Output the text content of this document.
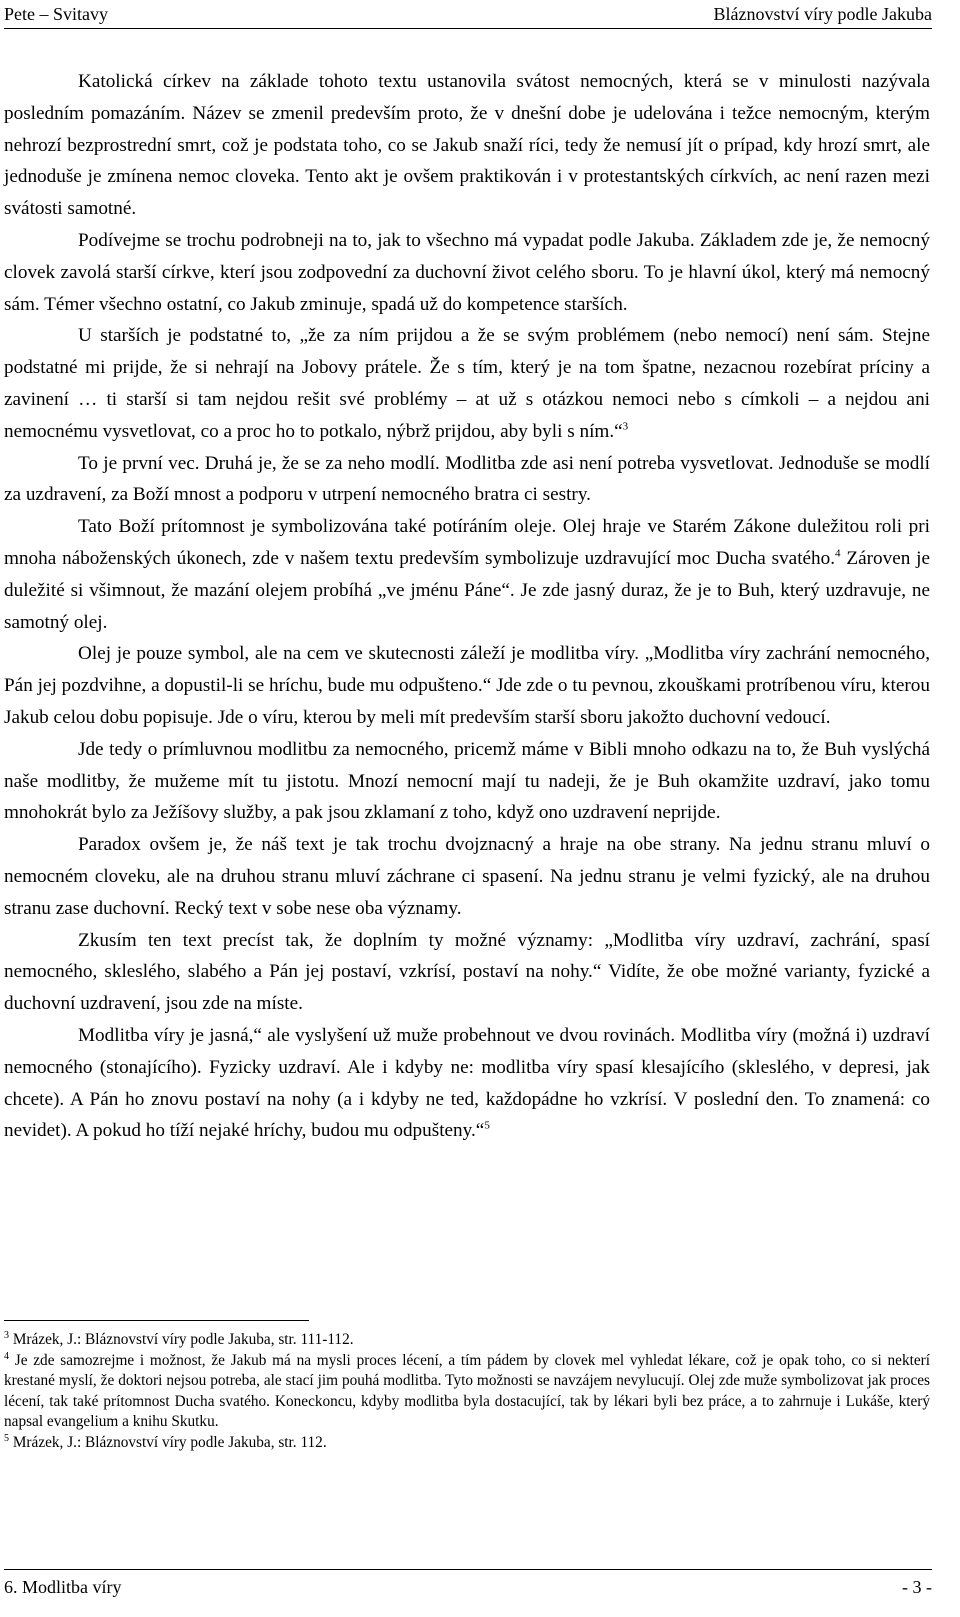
Pete – Svitavy	Bláznovství víry podle Jakuba

Katolická církev na základe tohoto textu ustanovila svátost nemocných, která se v minulosti nazývala posledním pomazáním. Název se zmenil predevším proto, že v dnešní dobe je udelována i težce nemocným, kterým nehrozí bezprostrední smrt, což je podstata toho, co se Jakub snaží ríci, tedy že nemusí jít o prípad, kdy hrozí smrt, ale jednoduše je zmínena nemoc cloveka. Tento akt je ovšem praktikován i v protestantských církvích, ac není razen mezi svátosti samotné.

Podívejme se trochu podrobneji na to, jak to všechno má vypadat podle Jakuba. Základem zde je, že nemocný clovek zavolá starší církve, kterí jsou zodpovední za duchovní život celého sboru. To je hlavní úkol, který má nemocný sám. Témer všechno ostatní, co Jakub zminuje, spadá už do kompetence starších.

U starších je podstatné to, „že za ním prijdou a že se svým problémem (nebo nemocí) není sám. Stejne podstatné mi prijde, že si nehrají na Jobovy prátele. Že s tím, který je na tom špatne, nezacnou rozebírat príciny a zavinení … ti starší si tam nejdou rešit své problémy – at už s otázkou nemoci nebo s címkoli – a nejdou ani nemocnému vysvetlovat, co a proc ho to potkalo, nýbrž prijdou, aby byli s ním.“$^3$

To je první vec. Druhá je, že se za neho modlí. Modlitba zde asi není potreba vysvetlovat. Jednoduše se modlí za uzdravení, za Boží mnost a podporu v utrpení nemocného bratra ci sestry.

Tato Boží prítomnost je symbolizována také potíráním oleje. Olej hraje ve Starém Zákone duležitou roli pri mnoha náboženských úkonech, zde v našem textu predevším symbolizuje uzdravující moc Ducha svatého.$^4$ Zároven je duležité si všimnout, že mazání olejem probíhá „ve jménu Páne“. Je zde jasný duraz, že je to Buh, který uzdravuje, ne samotný olej.

Olej je pouze symbol, ale na cem ve skutecnosti záleží je modlitba víry. „Modlitba víry zachrání nemocného, Pán jej pozdvihne, a dopustil-li se hríchu, bude mu odpušteno.“ Jde zde o tu pevnou, zkouškami protríbenou víru, kterou Jakub celou dobu popisuje. Jde o víru, kterou by meli mít predevším starší sboru jakožto duchovní vedoucí.

Jde tedy o prímluvnou modlitbu za nemocného, pricemž máme v Bibli mnoho odkazu na to, že Buh vyslýchá naše modlitby, že mužeme mít tu jistotu. Mnozí nemocní mají tu nadeji, že je Buh okamžite uzdraví, jako tomu mnohokrát bylo za Ježíšovy služby, a pak jsou zklamaní z toho, když ono uzdravení neprijde.

Paradox ovšem je, že náš text je tak trochu dvojznacný a hraje na obe strany. Na jednu stranu mluví o nemocném cloveku, ale na druhou stranu mluví záchrane ci spasení. Na jednu stranu je velmi fyzický, ale na druhou stranu zase duchovní. Recký text v sobe nese oba významy.

Zkusím ten text precíst tak, že doplním ty možné významy: „Modlitba víry uzdraví, zachrání, spasí nemocného, skleslého, slabého a Pán jej postaví, vzkrísí, postaví na nohy.“ Vidíte, že obe možné varianty, fyzické a duchovní uzdravení, jsou zde na míste.

Modlitba víry je jasná,“ ale vyslyšení už muže probehnout ve dvou rovinách. Modlitba víry (možná i) uzdraví nemocného (stonajícího). Fyzicky uzdraví. Ale i kdyby ne: modlitba víry spasí klesajícího (skleslého, v depresi, jak chcete). A Pán ho znovu postaví na nohy (a i kdyby ne ted, každopádne ho vzkrísí. V poslední den. To znamená: co nevidet). A pokud ho tíží nejaké hríchy, budou mu odpušteny.“$^5$

$^3$ Mrázek, J.: Bláznovství víry podle Jakuba, str. 111-112.

$^4$ Je zde samozrejme i možnost, že Jakub má na mysli proces lécení, a tím pádem by clovek mel vyhledat lékare, což je opak toho, co si nekterí krestané myslí, že doktori nejsou potreba, ale stací jim pouhá modlitba. Tyto možnosti se navzájem nevylucují. Olej zde muže symbolizovat jak proces lécení, tak také prítomnost Ducha svatého. Koneckoncu, kdyby modlitba byla dostacující, tak by lékari byli bez práce, a to zahrnuje i Lukáše, který napsal evangelium a knihu Skutku.

$^5$ Mrázek, J.: Bláznovství víry podle Jakuba, str. 112.

6. Modlitba víry	- 3 -
